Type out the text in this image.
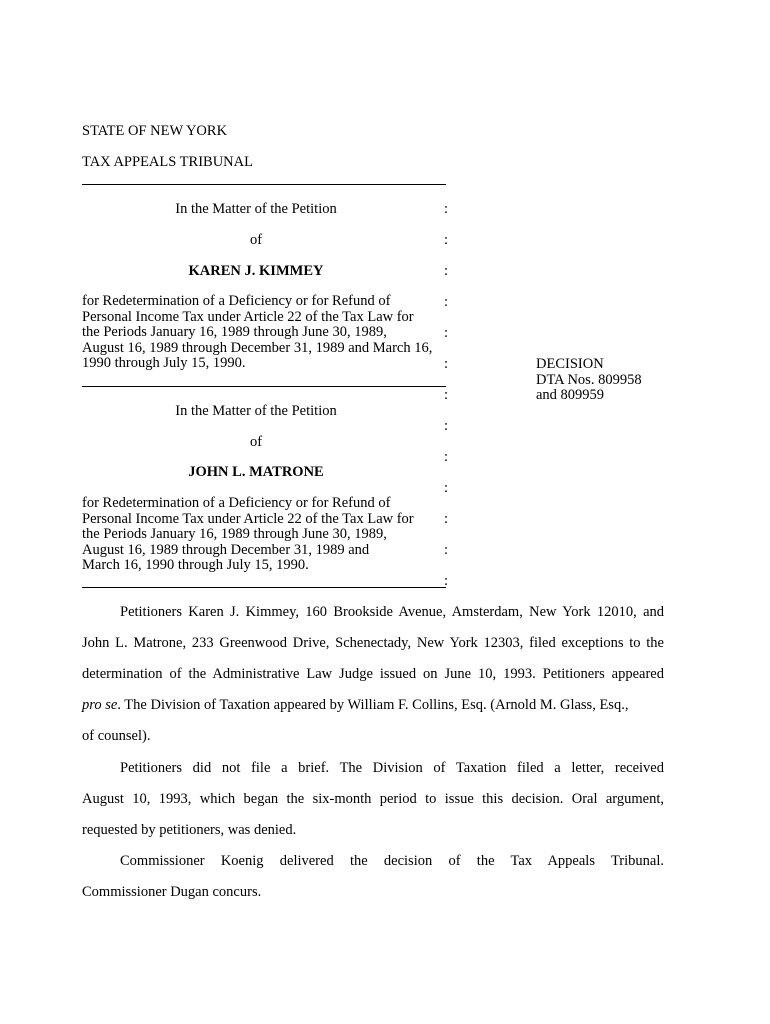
STATE OF NEW YORK
TAX APPEALS TRIBUNAL
In the Matter of the Petition	:
of	:
KAREN J. KIMMEY	:
for Redetermination of a Deficiency or for Refund of
Personal Income Tax under Article 22 of the Tax Law for
the Periods January 16, 1989 through June 30, 1989,
August 16, 1989 through December 31, 1989 and March 16,
1990 through July 15, 1990.
:
:
:
:
DECISION
DTA Nos. 809958
and 809959
In the Matter of the Petition
:
of
:
JOHN L. MATRONE
:
for Redetermination of a Deficiency or for Refund of
Personal Income Tax under Article 22 of the Tax Law for
the Periods January 16, 1989 through June 30, 1989,
August 16, 1989 through December 31, 1989 and
March 16, 1990 through July 15, 1990.
:
:
:
Petitioners Karen J. Kimmey, 160 Brookside Avenue, Amsterdam, New York 12010, and
John L. Matrone, 233 Greenwood Drive, Schenectady, New York 12303, filed exceptions to the
determination of the Administrative Law Judge issued on June 10, 1993. Petitioners appeared
pro se. The Division of Taxation appeared by William F. Collins, Esq. (Arnold M. Glass, Esq.,
of counsel).
Petitioners did not file a brief. The Division of Taxation filed a letter, received
August 10, 1993, which began the six-month period to issue this decision. Oral argument,
requested by petitioners, was denied.
Commissioner Koenig delivered the decision of the Tax Appeals Tribunal.
Commissioner Dugan concurs.
